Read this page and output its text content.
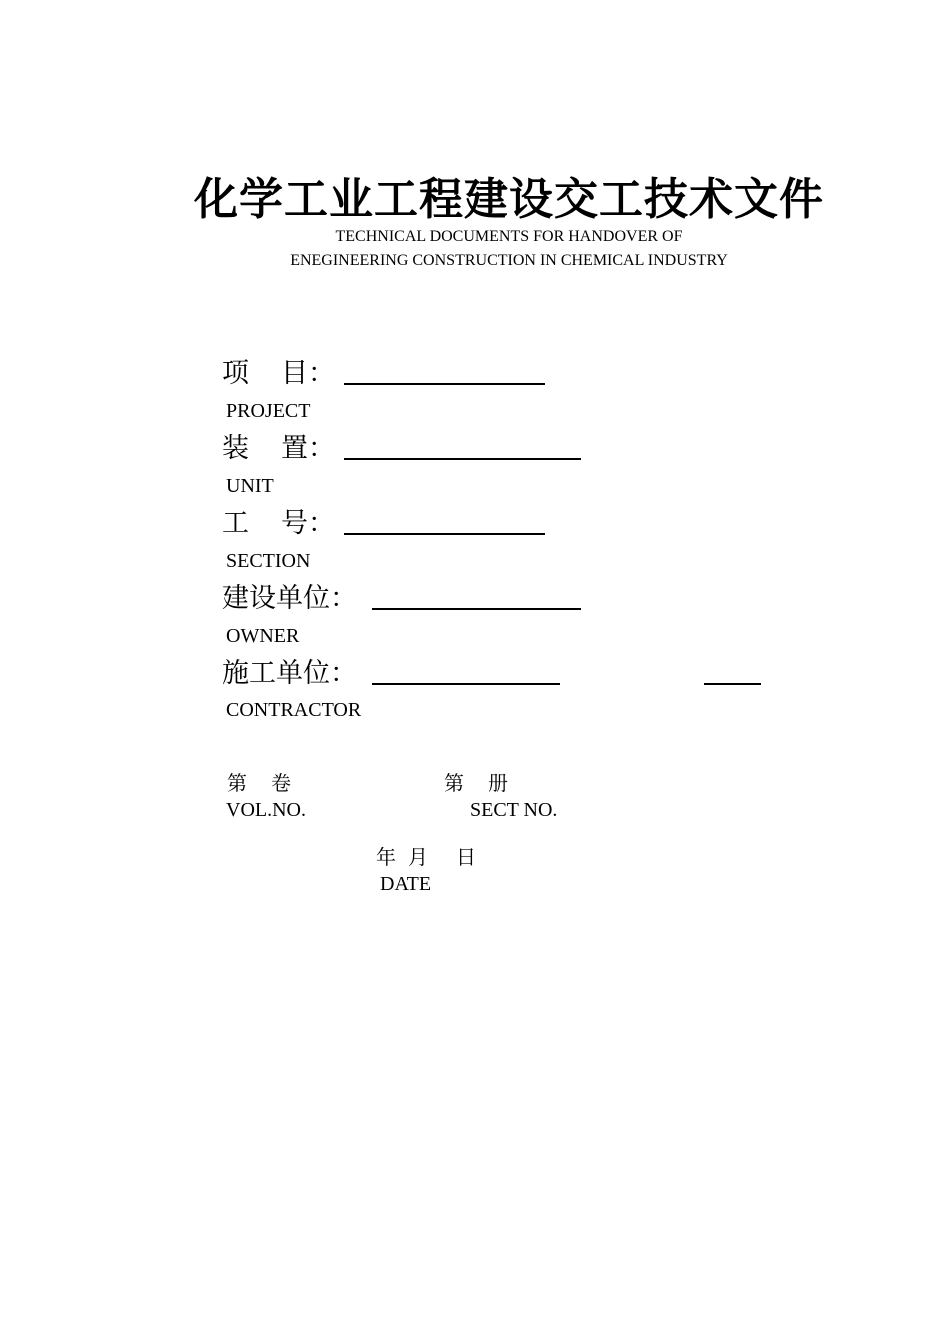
化学工业工程建设交工技术文件
TECHNICAL DOCUMENTS FOR HANDOVER OF
ENEGINEERING CONSTRUCTION IN CHEMICAL INDUSTRY
项 目：
PROJECT
装 置：
UNIT
工 号：
SECTION
建设单位：
OWNER
施工单位：
CONTRACTOR
第 卷
VOL.NO.
第 册
SECT NO.
年 月 日
DATE
